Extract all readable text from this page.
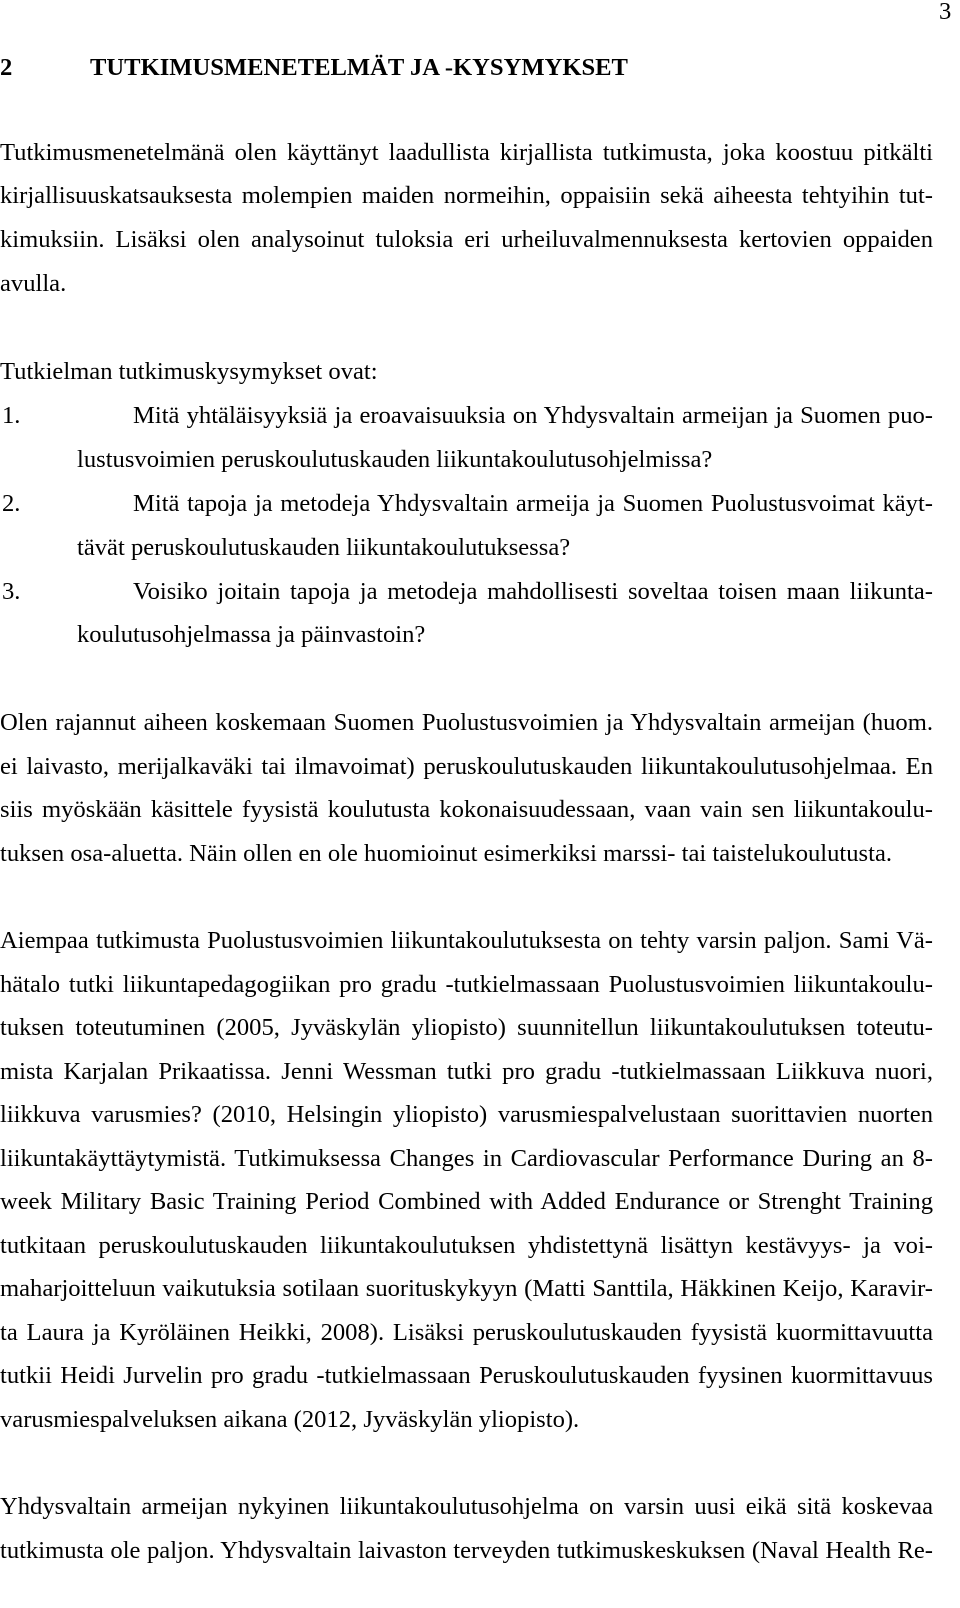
3
2	TUTKIMUSMENETELMÄT JA -KYSYMYKSET
Tutkimusmenetelmänä olen käyttänyt laadullista kirjallista tutkimusta, joka koostuu pitkälti
kirjallisuuskatsauksesta molempien maiden normeihin, oppaisiin sekä aiheesta tehtyihin tut-
kimuksiin. Lisäksi olen analysoinut tuloksia eri urheiluvalmennuksesta kertovien oppaiden
avulla.
Tutkielman tutkimuskysymykset ovat:
1.	Mitä yhtäläisyyksiä ja eroavaisuuksia on Yhdysvaltain armeijan ja Suomen puo-
lustusvoimien peruskoulutuskauden liikuntakoulutusohjelmissa?
2.	Mitä tapoja ja metodeja Yhdysvaltain armeija ja Suomen Puolustusvoimat käyt-
tävät peruskoulutuskauden liikuntakoulutuksessa?
3.	Voisiko joitain tapoja ja metodeja mahdollisesti soveltaa toisen maan liikunta-
koulutusohjelmassa ja päinvastoin?
Olen rajannut aiheen koskemaan Suomen Puolustusvoimien ja Yhdysvaltain armeijan (huom.
ei laivasto, merijalkaväki tai ilmavoimat) peruskoulutuskauden liikuntakoulutusohjelmaa. En
siis myöskään käsittele fyysistä koulutusta kokonaisuudessaan, vaan vain sen liikuntakoulu-
tuksen osa-aluetta. Näin ollen en ole huomioinut esimerkiksi marssi- tai taistelukoulutusta.
Aiempaa tutkimusta Puolustusvoimien liikuntakoulutuksesta on tehty varsin paljon. Sami Vä-
hätalo tutki liikuntapedagogiikan pro gradu -tutkielmassaan Puolustusvoimien liikuntakoulu-
tuksen toteutuminen (2005, Jyväskylän yliopisto) suunnitellun liikuntakoulutuksen toteutu-
mista Karjalan Prikaatissa. Jenni Wessman tutki pro gradu -tutkielmassaan Liikkuva nuori,
liikkuva varusmies? (2010, Helsingin yliopisto) varusmiespalvelustaan suorittavien nuorten
liikuntakäyttäytymistä. Tutkimuksessa Changes in Cardiovascular Performance During an 8-
week Military Basic Training Period Combined with Added Endurance or Strenght Training
tutkitaan peruskoulutuskauden liikuntakoulutuksen yhdistettynä lisättyn kestävyys- ja voi-
maharjoitteluun vaikutuksia sotilaan suorituskykyyn (Matti Santtila, Häkkinen Keijo, Karavir-
ta Laura ja Kyröläinen Heikki, 2008). Lisäksi peruskoulutuskauden fyysistä kuormittavuutta
tutkii Heidi Jurvelin pro gradu -tutkielmassaan Peruskoulutuskauden fyysinen kuormittavuus
varusmiespalveluksen aikana (2012, Jyväskylän yliopisto).
Yhdysvaltain armeijan nykyinen liikuntakoulutusohjelma on varsin uusi eikä sitä koskevaa
tutkimusta ole paljon. Yhdysvaltain laivaston terveyden tutkimuskeskuksen (Naval Health Re-
